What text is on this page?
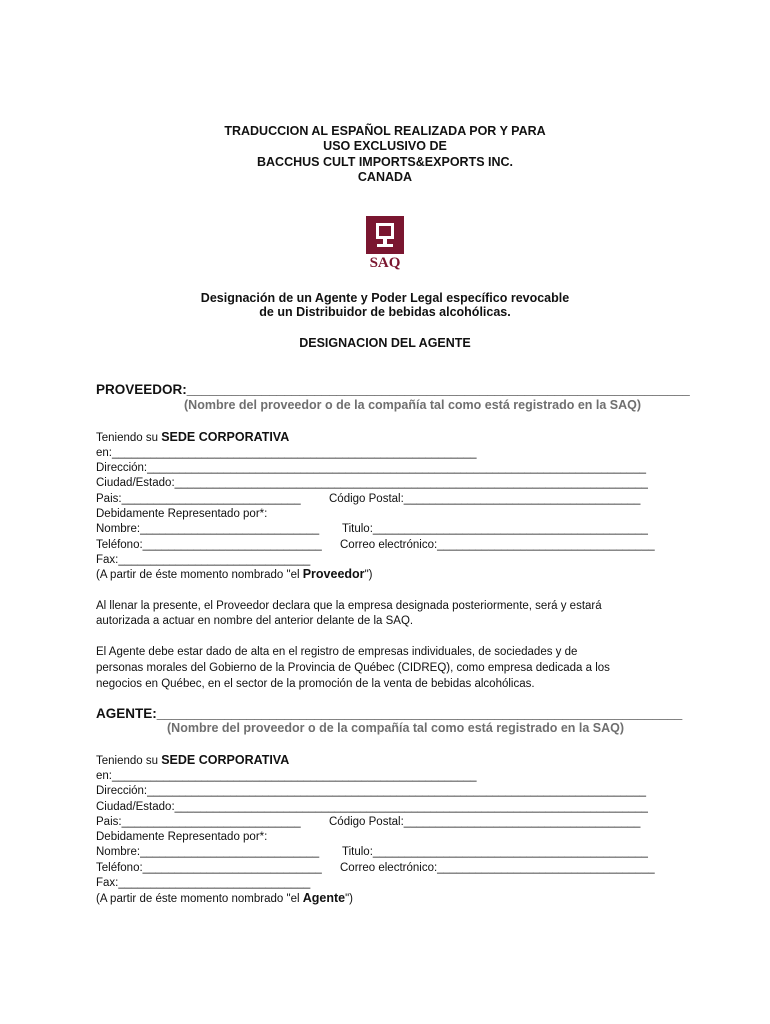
TRADUCCION AL ESPAÑOL REALIZADA POR Y PARA
USO EXCLUSIVO DE
BACCHUS CULT IMPORTS&EXPORTS INC.
CANADA
SAQ
Designación de un Agente y Poder Legal específico revocable
de un Distribuidor de bebidas alcohólicas.
DESIGNACION DEL AGENTE
PROVEEDOR:___________________________________________________________________
(Nombre del proveedor o de la compañía tal como está registrado en la SAQ)
Teniendo su SEDE CORPORATIVA
en:_________________________________________________________
Dirección:______________________________________________________________________________
Ciudad/Estado:__________________________________________________________________________
Pais:____________________________ Código Postal:_____________________________________
Debidamente Representado por*:
Nombre:____________________________ Titulo:___________________________________________
Teléfono:____________________________ Correo electrónico:__________________________________
Fax:______________________________
(A partir de éste momento nombrado "el Proveedor")
Al llenar la presente, el Proveedor declara que la empresa designada posteriormente, será y estará
autorizada a actuar en nombre del anterior delante de la SAQ.
El Agente debe estar dado de alta en el registro de empresas individuales, de sociedades y de
personas morales del Gobierno de la Provincia de Québec (CIDREQ), como empresa dedicada a los
negocios en Québec, en el sector de la promoción de la venta de bebidas alcohólicas.
AGENTE:______________________________________________________________________
(Nombre del proveedor o de la compañía tal como está registrado en la SAQ)
Teniendo su SEDE CORPORATIVA
en:_________________________________________________________
Dirección:______________________________________________________________________________
Ciudad/Estado:__________________________________________________________________________
Pais:____________________________ Código Postal:_____________________________________
Debidamente Representado por*:
Nombre:____________________________ Titulo:___________________________________________
Teléfono:____________________________ Correo electrónico:__________________________________
Fax:______________________________
(A partir de éste momento nombrado "el Agente")
